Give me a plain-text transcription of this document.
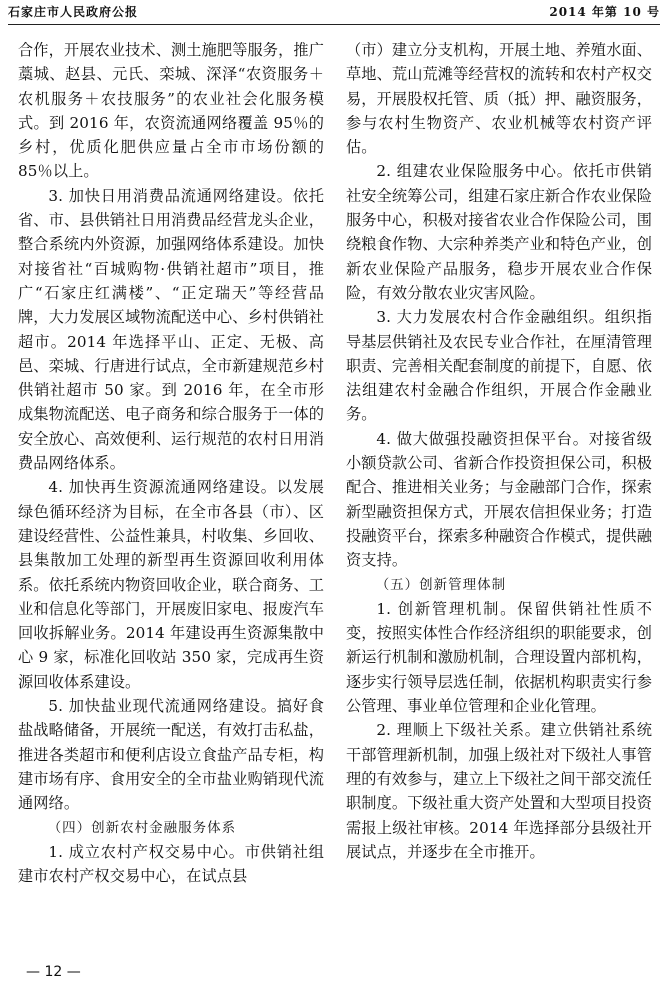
石家庄市人民政府公报	2014 年第 10 号

合作，开展农业技术、测土施肥等服务，推广藁城、赵县、元氏、栾城、深泽“农资服务＋农机服务＋农技服务”的农业社会化服务模式。到 2016 年，农资流通网络覆盖 95％的乡村，优质化肥供应量占全市市场份额的 85％以上。

3. 加快日用消费品流通网络建设。依托省、市、县供销社日用消费品经营龙头企业，整合系统内外资源，加强网络体系建设。加快对接省社“百城购物·供销社超市”项目，推广“石家庄红满楼”、“正定瑞天”等经营品牌，大力发展区域物流配送中心、乡村供销社超市。2014 年选择平山、正定、无极、高邑、栾城、行唐进行试点，全市新建规范乡村供销社超市 50 家。到 2016 年，在全市形成集物流配送、电子商务和综合服务于一体的安全放心、高效便利、运行规范的农村日用消费品网络体系。

4. 加快再生资源流通网络建设。以发展绿色循环经济为目标，在全市各县（市）、区建设经营性、公益性兼具，村收集、乡回收、县集散加工处理的新型再生资源回收利用体系。依托系统内物资回收企业，联合商务、工业和信息化等部门，开展废旧家电、报废汽车回收拆解业务。2014 年建设再生资源集散中心 9 家，标准化回收站 350 家，完成再生资源回收体系建设。

5. 加快盐业现代流通网络建设。搞好食盐战略储备，开展统一配送，有效打击私盐，推进各类超市和便利店设立食盐产品专柜，构建市场有序、食用安全的全市盐业购销现代流通网络。

（四）创新农村金融服务体系

1. 成立农村产权交易中心。市供销社组建市农村产权交易中心，在试点县

（市）建立分支机构，开展土地、养殖水面、草地、荒山荒滩等经营权的流转和农村产权交易，开展股权托管、质（抵）押、融资服务，参与农村生物资产、农业机械等农村资产评估。

2. 组建农业保险服务中心。依托市供销社安全统筹公司，组建石家庄新合作农业保险服务中心，积极对接省农业合作保险公司，围绕粮食作物、大宗种养类产业和特色产业，创新农业保险产品服务，稳步开展农业合作保险，有效分散农业灾害风险。

3. 大力发展农村合作金融组织。组织指导基层供销社及农民专业合作社，在厘清管理职责、完善相关配套制度的前提下，自愿、依法组建农村金融合作组织，开展合作金融业务。

4. 做大做强投融资担保平台。对接省级小额贷款公司、省新合作投资担保公司，积极配合、推进相关业务；与金融部门合作，探索新型融资担保方式，开展农信担保业务；打造投融资平台，探索多种融资合作模式，提供融资支持。

（五）创新管理体制

1. 创新管理机制。保留供销社性质不变，按照实体性合作经济组织的职能要求，创新运行机制和激励机制，合理设置内部机构，逐步实行领导层选任制，依据机构职责实行参公管理、事业单位管理和企业化管理。

2. 理顺上下级社关系。建立供销社系统干部管理新机制，加强上级社对下级社人事管理的有效参与，建立上下级社之间干部交流任职制度。下级社重大资产处置和大型项目投资需报上级社审核。2014 年选择部分县级社开展试点，并逐步在全市推开。

— 12 —
